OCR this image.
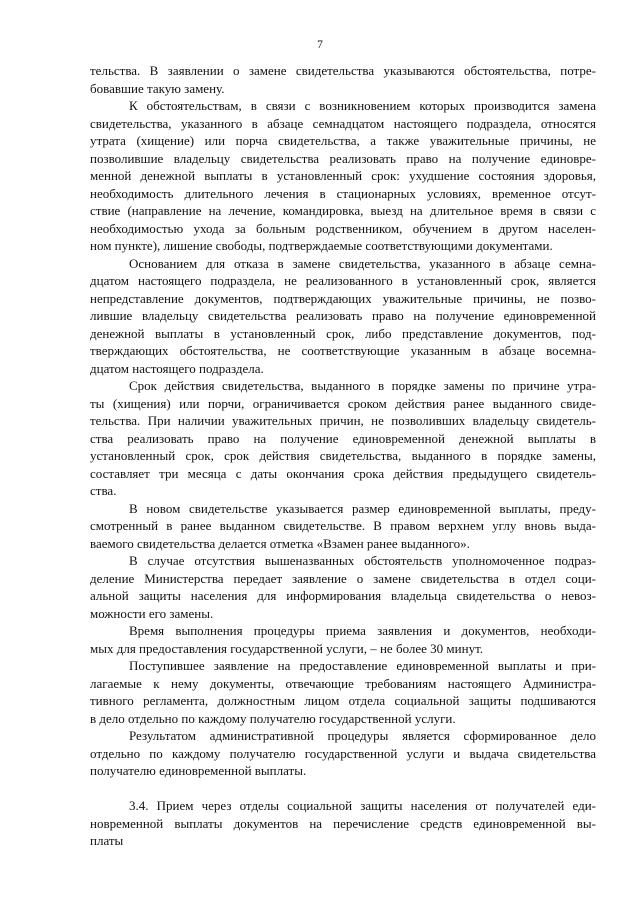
7
тельства. В заявлении о замене свидетельства указываются обстоятельства, потре-
бовавшие такую замену.
К обстоятельствам, в связи с возникновением которых производится замена
свидетельства, указанного в абзаце семнадцатом настоящего подраздела, относятся
утрата (хищение) или порча свидетельства, а также уважительные причины, не
позволившие владельцу свидетельства реализовать право на получение единовре-
менной денежной выплаты в установленный срок: ухудшение состояния здоровья,
необходимость длительного лечения в стационарных условиях, временное отсут-
ствие (направление на лечение, командировка, выезд на длительное время в связи с
необходимостью ухода за больным родственником, обучением в другом населен-
ном пункте), лишение свободы, подтверждаемые соответствующими документами.
Основанием для отказа в замене свидетельства, указанного в абзаце семна-
дцатом настоящего подраздела, не реализованного в установленный срок, является
непредставление документов, подтверждающих уважительные причины, не позво-
лившие владельцу свидетельства реализовать право на получение единовременной
денежной выплаты в установленный срок, либо представление документов, под-
тверждающих обстоятельства, не соответствующие указанным в абзаце восемна-
дцатом настоящего подраздела.
Срок действия свидетельства, выданного в порядке замены по причине утра-
ты (хищения) или порчи, ограничивается сроком действия ранее выданного свиде-
тельства. При наличии уважительных причин, не позволивших владельцу свидетель-
ства реализовать право на получение единовременной денежной выплаты в
установленный срок, срок действия свидетельства, выданного в порядке замены,
составляет три месяца с даты окончания срока действия предыдущего свидетель-
ства.
В новом свидетельстве указывается размер единовременной выплаты, преду-
смотренный в ранее выданном свидетельстве. В правом верхнем углу вновь выда-
ваемого свидетельства делается отметка «Взамен ранее выданного».
В случае отсутствия вышеназванных обстоятельств уполномоченное подраз-
деление Министерства передает заявление о замене свидетельства в отдел соци-
альной защиты населения для информирования владельца свидетельства о невоз-
можности его замены.
Время выполнения процедуры приема заявления и документов, необходи-
мых для предоставления государственной услуги, – не более 30 минут.
Поступившее заявление на предоставление единовременной выплаты и при-
лагаемые к нему документы, отвечающие требованиям настоящего Администра-
тивного регламента, должностным лицом отдела социальной защиты подшиваются
в дело отдельно по каждому получателю государственной услуги.
Результатом административной процедуры является сформированное дело
отдельно по каждому получателю государственной услуги и выдача свидетельства
получателю единовременной выплаты.
3.4. Прием через отделы социальной защиты населения от получателей еди-
новременной выплаты документов на перечисление средств единовременной вы-
платы
